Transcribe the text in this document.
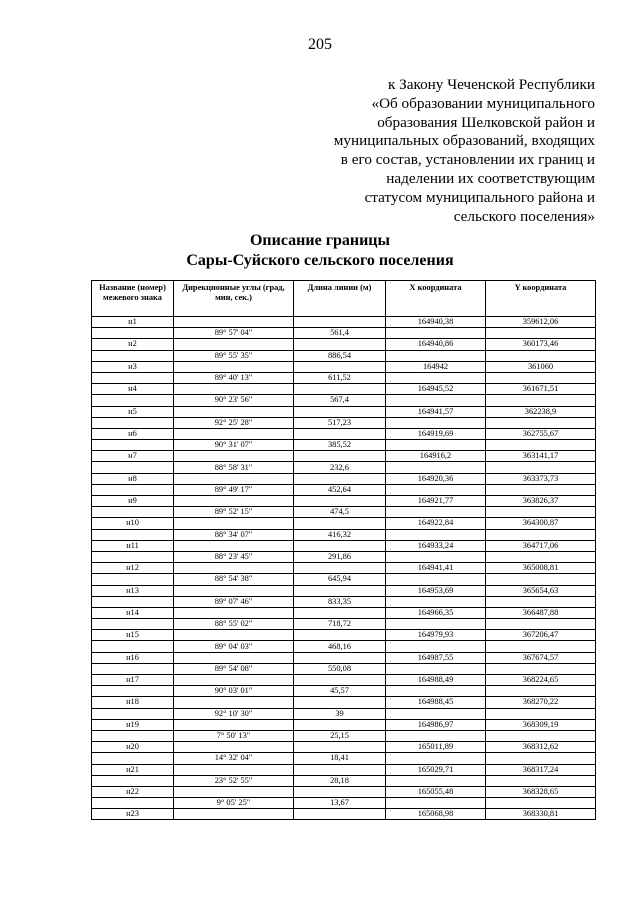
205
к Закону Чеченской Республики
«Об образовании муниципального
образования Шелковской район и
муниципальных образований, входящих
в его состав, установлении их границ и
наделении их соответствующим
статусом муниципального района и
сельского поселения»
Описание границы
Сары-Суйского сельского поселения
Название (номер) межевого знака	Дирекционные углы (град, мин, сек.)	Длина линии (м)	X координата	Y координата
н1			164940,38	359612,06
	89° 57' 04"	561,4		
н2			164940,86	360173,46
	89° 55' 35"	886,54		
н3			164942	361060
	89° 40' 13"	611,52		
н4			164945,52	361671,51
	90° 23' 56"	567,4		
н5			164941,57	362238,9
	92° 25' 28"	517,23		
н6			164919,69	362755,67
	90° 31' 07"	385,52		
н7			164916,2	363141,17
	88° 58' 31"	232,6		
н8			164920,36	363373,73
	89° 49' 17"	452,64		
н9			164921,77	363826,37
	89° 52' 15"	474,5		
н10			164922,84	364300,87
	88° 34' 07"	416,32		
н11			164933,24	364717,06
	88° 23' 45"	291,86		
н12			164941,41	365008,81
	88° 54' 38"	645,94		
н13			164953,69	365654,63
	89° 07' 46"	833,35		
н14			164966,35	366487,88
	88° 55' 02"	718,72		
н15			164979,93	367206,47
	89° 04' 03"	468,16		
н16			164987,55	367674,57
	89° 54' 08"	550,08		
н17			164988,49	368224,65
	90° 03' 01"	45,57		
н18			164988,45	368270,22
	92° 10' 30"	39		
н19			164986,97	368309,19
	7° 50' 13"	25,15		
н20			165011,89	368312,62
	14° 32' 04"	18,41		
н21			165029,71	368317,24
	23° 52' 55"	28,18		
н22			165055,48	368328,65
	9° 05' 25"	13,67		
н23			165068,98	368330,81
